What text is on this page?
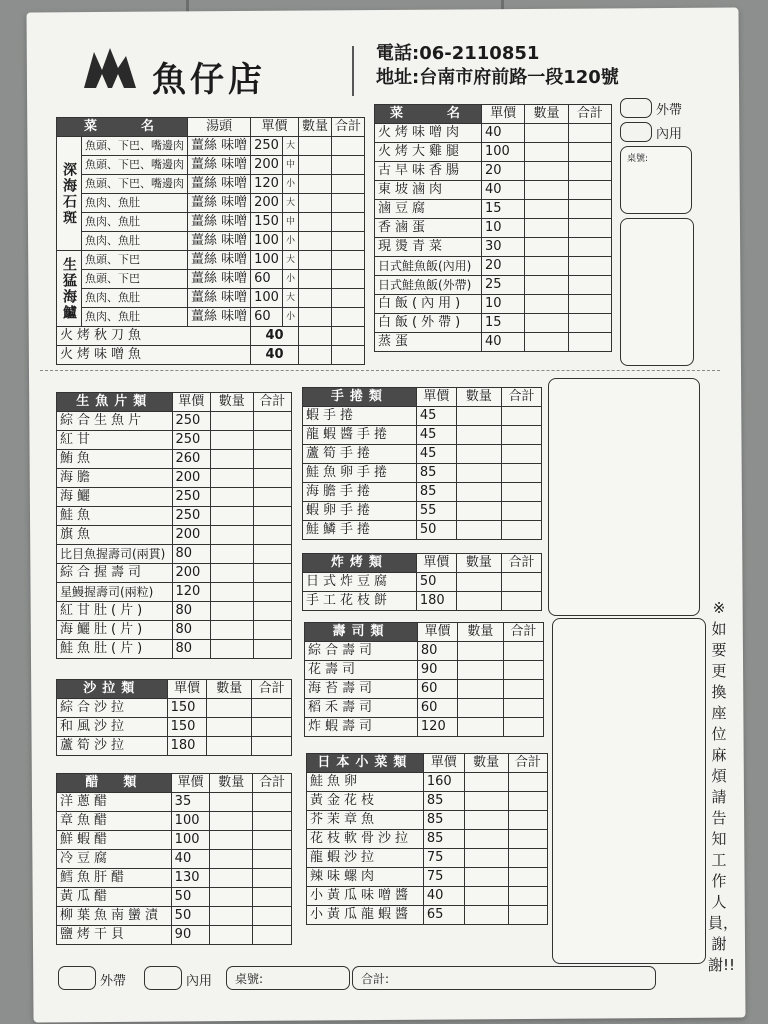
魚仔店
電話:06-2110851
地址:台南市府前路一段120號
外帶
內用
桌號:
菜　　名		湯頭	單價		數量	合計
深海石斑	魚頭、下巴、嘴邊肉	薑絲 味噌	250	大		
	魚頭、下巴、嘴邊肉	薑絲 味噌	200	中		
	魚頭、下巴、嘴邊肉	薑絲 味噌	120	小		
	魚肉、魚肚	薑絲 味噌	200	大		
	魚肉、魚肚	薑絲 味噌	150	中		
	魚肉、魚肚	薑絲 味噌	100	小		
生猛海鱸	魚頭、下巴	薑絲 味噌	100	大		
	魚頭、下巴	薑絲 味噌	60	小		
	魚肉、魚肚	薑絲 味噌	100	大		
	魚肉、魚肚	薑絲 味噌	60	小		
火烤秋刀魚			40			
火烤味噌魚			40			
菜　　名	單價	數量	合計
火烤味噌肉	40		
火烤大雞腿	100		
古早味香腸	20		
東坡滷肉	40		
滷豆腐	15		
香滷蛋	10		
現燙青菜	30		
日式鮭魚飯(內用)	20		
日式鮭魚飯(外帶)	25		
白飯(內用)	10		
白飯(外帶)	15		
蒸蛋	40		
生魚片類	單價	數量	合計
綜合生魚片	250		
紅甘	250		
鮪魚	260		
海膽	200		
海鱺	250		
鮭魚	250		
旗魚	200		
比目魚握壽司(兩貫)	80		
綜合握壽司	200		
星鰻握壽司(兩粒)	120		
紅甘肚(片)	80		
海鱺肚(片)	80		
鮭魚肚(片)	80		
沙拉類	單價	數量	合計
綜合沙拉	150		
和風沙拉	150		
蘆筍沙拉	180		
醋　類	單價	數量	合計
洋蔥醋	35		
章魚醋	100		
鮮蝦醋	100		
冷豆腐	40		
鱈魚肝醋	130		
黃瓜醋	50		
柳葉魚南蠻漬	50		
鹽烤干貝	90		
手捲類	單價	數量	合計
蝦手捲	45		
龍蝦醬手捲	45		
蘆筍手捲	45		
鮭魚卵手捲	85		
海膽手捲	85		
蝦卵手捲	55		
鮭鱗手捲	50		
炸烤類	單價	數量	合計
日式炸豆腐	50		
手工花枝餅	180		
壽司類	單價	數量	合計
綜合壽司	80		
花壽司	90		
海苔壽司	60		
稻禾壽司	60		
炸蝦壽司	120		
日本小菜類	單價	數量	合計
鮭魚卵	160		
黃金花枝	85		
芥茉章魚	85		
花枝軟骨沙拉	85		
龍蝦沙拉	75		
辣味螺肉	75		
小黃瓜味噌醬	40		
小黃瓜龍蝦醬	65		
※如要更換座位麻煩請告知工作人員，謝謝!!
外帶	內用 桌號:	合計:
